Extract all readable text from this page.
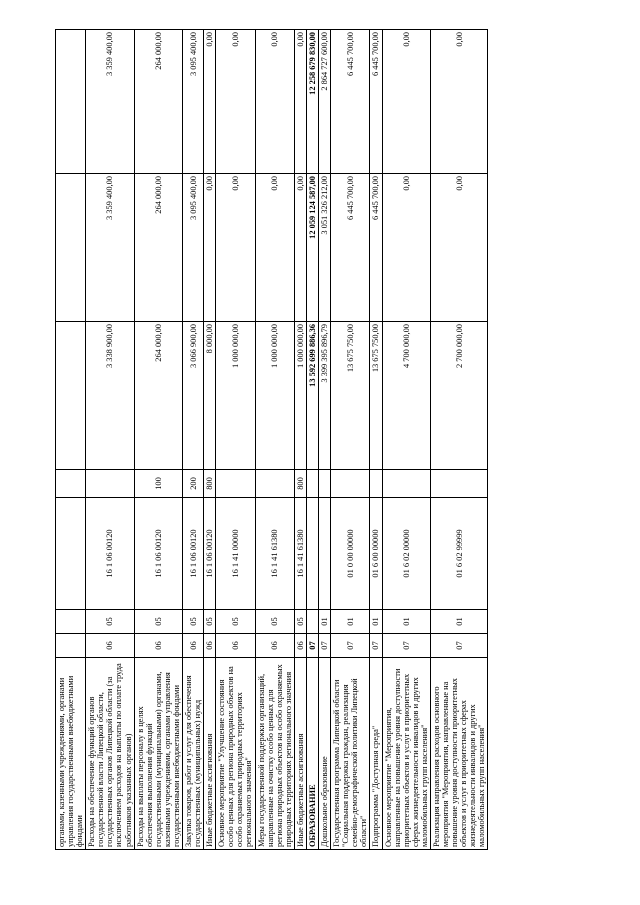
органами, казенными учреждениями, органами управления государственными внебюджетными фондами							
Расходы на обеспечение функций органов государственной власти Липецкой области, государственных органов Липецкой области (за исключением расходов на выплаты по оплате труда работников указанных органов)	06	05	16 1 06 00120		3 338 900,00	3 359 400,00	3 359 400,00
Расходы на выплаты персоналу в целях обеспечения выполнения функций государственными (муниципальными) органами, казенными учреждениями, органами управления государственными внебюджетными фондами	06	05	16 1 06 00120	100	264 000,00	264 000,00	264 000,00
Закупка товаров, работ и услуг для обеспечения государственных (муниципальных) нужд	06	05	16 1 06 00120	200	3 066 900,00	3 095 400,00	3 095 400,00
Иные бюджетные ассигнования	06	05	16 1 06 00120	800	8 000,00	0,00	0,00
Основное мероприятие "Улучшение состояния особо ценных для региона природных объектов на особо охраняемых природных территориях регионального значения"	06	05	16 1 41 00000		1 000 000,00	0,00	0,00
Меры государственной поддержки организаций, направленные на очистку особо ценных для региона природных объектов на особо охраняемых природных территориях регионального значения	06	05	16 1 41 61380		1 000 000,00	0,00	0,00
Иные бюджетные ассигнования	06	05	16 1 41 61380	800	1 000 000,00	0,00	0,00
ОБРАЗОВАНИЕ	07				13 592 699 886,36	12 059 124 587,00	12 258 679 830,00
Дошкольное образование	07	01			3 399 395 896,79	3 051 326 212,00	2 864 727 600,00
Государственная программа Липецкой области "Социальная поддержка граждан, реализация семейно-демографической политики Липецкой области"	07	01	01 0 00 00000		13 675 750,00	6 445 700,00	6 445 700,00
Подпрограмма "Доступная среда"	07	01	01 6 00 00000		13 675 750,00	6 445 700,00	6 445 700,00
Основное мероприятие "Мероприятия, направленные на повышение уровня доступности приоритетных объектов и услуг в приоритетных сферах жизнедеятельности инвалидов и других маломобильных групп населения"	07	01	01 6 02 00000		4 700 000,00	0,00	0,00
Реализация направления расходов основного мероприятия "Мероприятия, направленные на повышение уровня доступности приоритетных объектов и услуг в приоритетных сферах жизнедеятельности инвалидов и других маломобильных групп населения"	07	01	01 6 02 99999		2 700 000,00	0,00	0,00
